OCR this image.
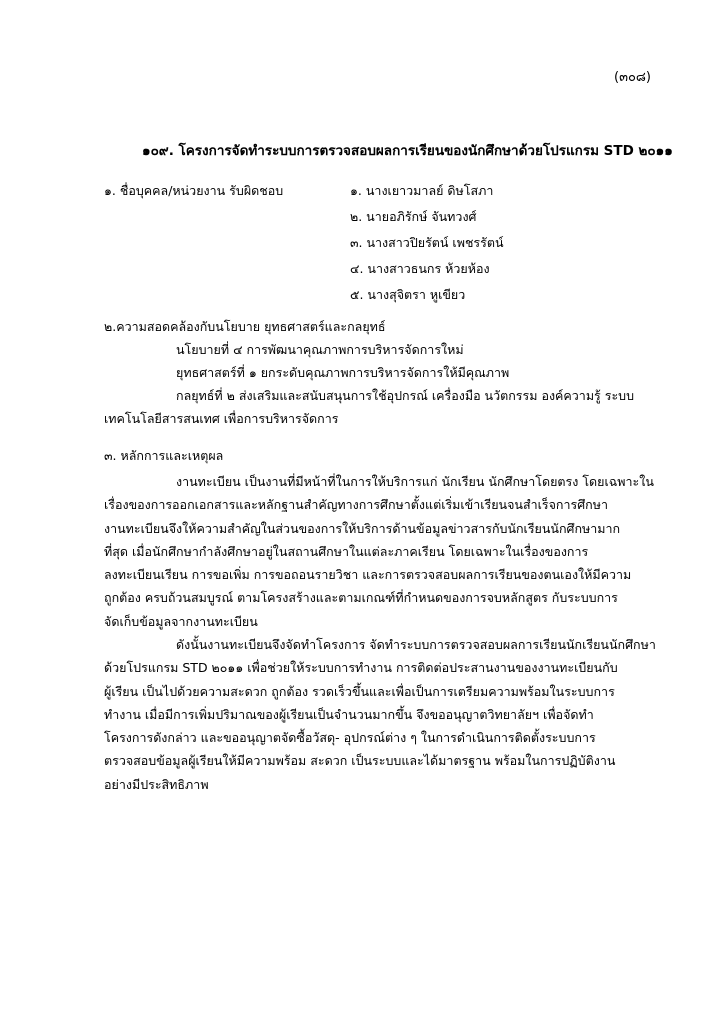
(๓๐๘)
๑๐๙. โครงการจัดทำระบบการตรวจสอบผลการเรียนของนักศึกษาด้วยโปรแกรม STD ๒๐๑๑
๑. ชื่อบุคคล/หน่วยงาน รับผิดชอบ	๑. นางเยาวมาลย์ ดิษโสภา
๒. นายอภิรักษ์ จันทวงศ์
๓. นางสาวปิยรัตน์ เพชรรัตน์
๔. นางสาวธนกร ห้วยห้อง
๕. นางสุจิตรา หูเขียว
๒.ความสอดคล้องกับนโยบาย ยุทธศาสตร์และกลยุทธ์
นโยบายที่ ๔ การพัฒนาคุณภาพการบริหารจัดการใหม่
ยุทธศาสตร์ที่ ๑ ยกระดับคุณภาพการบริหารจัดการให้มีคุณภาพ
กลยุทธ์ที่ ๒ ส่งเสริมและสนับสนุนการใช้อุปกรณ์ เครื่องมือ นวัตกรรม องค์ความรู้ ระบบ
เทคโนโลยีสารสนเทศ เพื่อการบริหารจัดการ
๓. หลักการและเหตุผล
งานทะเบียน เป็นงานที่มีหน้าที่ในการให้บริการแก่ นักเรียน นักศึกษาโดยตรง โดยเฉพาะใน
เรื่องของการออกเอกสารและหลักฐานสำคัญทางการศึกษาตั้งแต่เริ่มเข้าเรียนจนสำเร็จการศึกษา
งานทะเบียนจึงให้ความสำคัญในส่วนของการให้บริการด้านข้อมูลข่าวสารกับนักเรียนนักศึกษามาก
ที่สุด เมื่อนักศึกษากำลังศึกษาอยู่ในสถานศึกษาในแต่ละภาคเรียน โดยเฉพาะในเรื่องของการ
ลงทะเบียนเรียน การขอเพิ่ม การขอถอนรายวิชา และการตรวจสอบผลการเรียนของตนเองให้มีความ
ถูกต้อง ครบถ้วนสมบูรณ์ ตามโครงสร้างและตามเกณฑ์ที่กำหนดของการจบหลักสูตร กับระบบการ
จัดเก็บข้อมูลจากงานทะเบียน
ดังนั้นงานทะเบียนจึงจัดทำโครงการ จัดทำระบบการตรวจสอบผลการเรียนนักเรียนนักศึกษา
ด้วยโปรแกรม STD ๒๐๑๑ เพื่อช่วยให้ระบบการทำงาน การติดต่อประสานงานของงานทะเบียนกับ
ผู้เรียน เป็นไปด้วยความสะดวก ถูกต้อง รวดเร็วขึ้นและเพื่อเป็นการเตรียมความพร้อมในระบบการ
ทำงาน เมื่อมีการเพิ่มปริมาณของผู้เรียนเป็นจำนวนมากขึ้น จึงขออนุญาตวิทยาลัยฯ เพื่อจัดทำ
โครงการดังกล่าว และขออนุญาตจัดซื้อวัสดุ- อุปกรณ์ต่าง ๆ ในการดำเนินการติดตั้งระบบการ
ตรวจสอบข้อมูลผู้เรียนให้มีความพร้อม สะดวก เป็นระบบและได้มาตรฐาน พร้อมในการปฏิบัติงาน
อย่างมีประสิทธิภาพ
